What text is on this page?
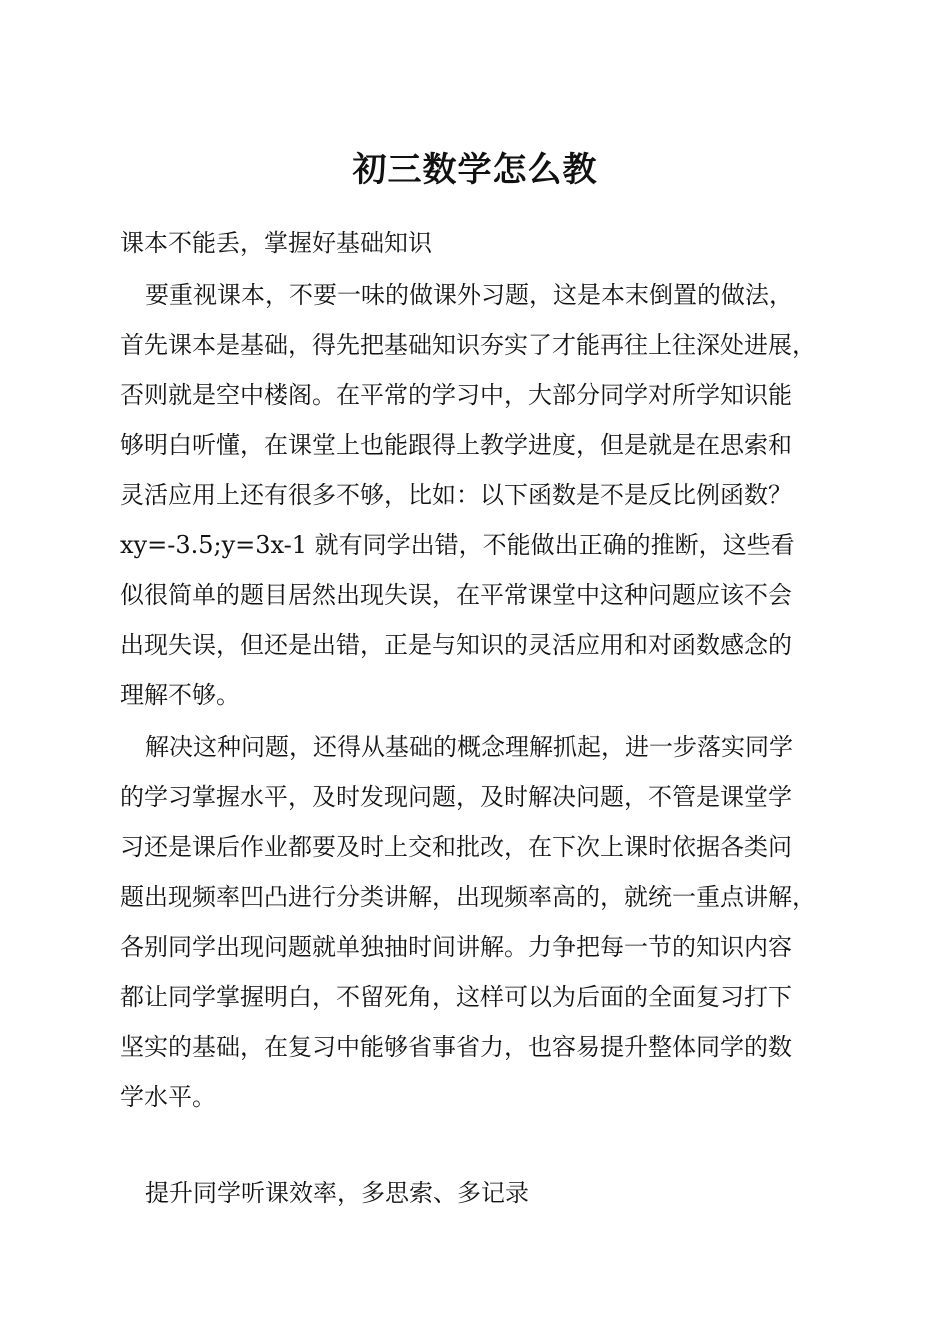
初三数学怎么教
课本不能丢，掌握好基础知识
要重视课本，不要一味的做课外习题，这是本末倒置的做法，
首先课本是基础，得先把基础知识夯实了才能再往上往深处进展，
否则就是空中楼阁。在平常的学习中，大部分同学对所学知识能
够明白听懂，在课堂上也能跟得上教学进度，但是就是在思索和
灵活应用上还有很多不够，比如：以下函数是不是反比例函数？
xy=-3.5;y=3x-1 就有同学出错，不能做出正确的推断，这些看
似很简单的题目居然出现失误，在平常课堂中这种问题应该不会
出现失误，但还是出错，正是与知识的灵活应用和对函数感念的
理解不够。
解决这种问题，还得从基础的概念理解抓起，进一步落实同学
的学习掌握水平，及时发现问题，及时解决问题，不管是课堂学
习还是课后作业都要及时上交和批改，在下次上课时依据各类问
题出现频率凹凸进行分类讲解，出现频率高的，就统一重点讲解，
各别同学出现问题就单独抽时间讲解。力争把每一节的知识内容
都让同学掌握明白，不留死角，这样可以为后面的全面复习打下
坚实的基础，在复习中能够省事省力，也容易提升整体同学的数
学水平。
提升同学听课效率，多思索、多记录
